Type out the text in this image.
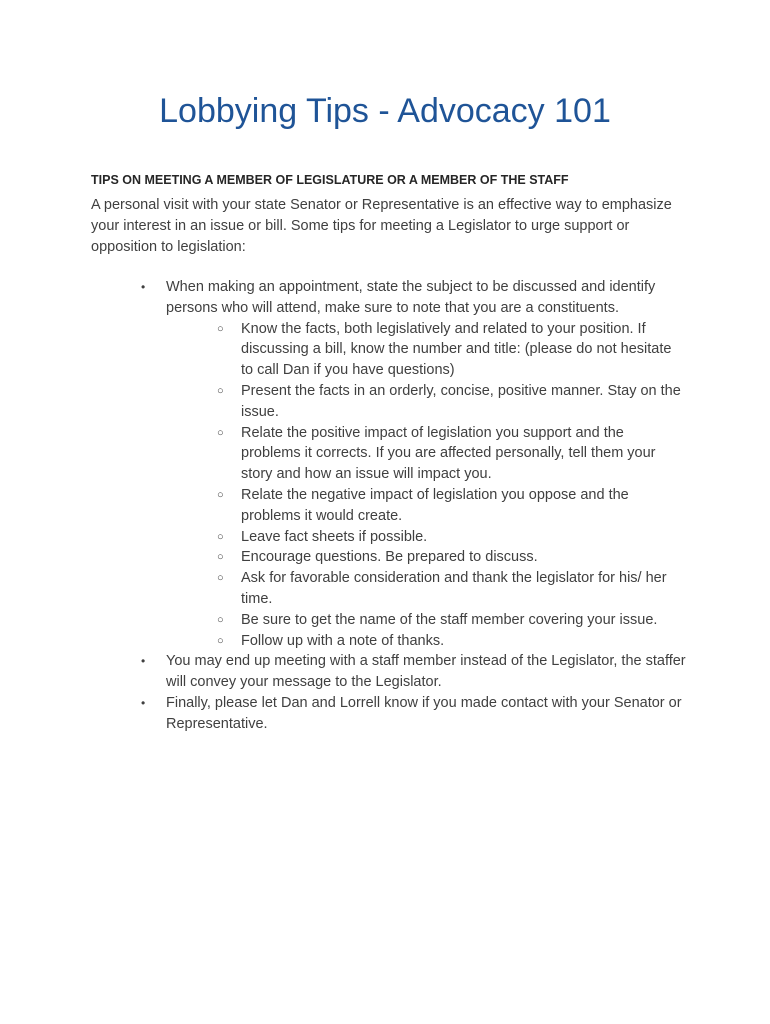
Lobbying Tips - Advocacy 101
TIPS ON MEETING A MEMBER OF LEGISLATURE OR A MEMBER OF THE STAFF

A personal visit with your state Senator or Representative is an effective way to emphasize your interest in an issue or bill. Some tips for meeting a Legislator to urge support or opposition to legislation:

• When making an appointment, state the subject to be discussed and identify persons who will attend, make sure to note that you are a constituents.
○ Know the facts, both legislatively and related to your position. If discussing a bill, know the number and title: (please do not hesitate to call Dan if you have questions)
○ Present the facts in an orderly, concise, positive manner. Stay on the issue.
○ Relate the positive impact of legislation you support and the problems it corrects. If you are affected personally, tell them your story and how an issue will impact you.
○ Relate the negative impact of legislation you oppose and the problems it would create.
○ Leave fact sheets if possible.
○ Encourage questions. Be prepared to discuss.
○ Ask for favorable consideration and thank the legislator for his/ her time.
○ Be sure to get the name of the staff member covering your issue.
○ Follow up with a note of thanks.
• You may end up meeting with a staff member instead of the Legislator, the staffer will convey your message to the Legislator.
• Finally, please let Dan and Lorrell know if you made contact with your Senator or Representative.
